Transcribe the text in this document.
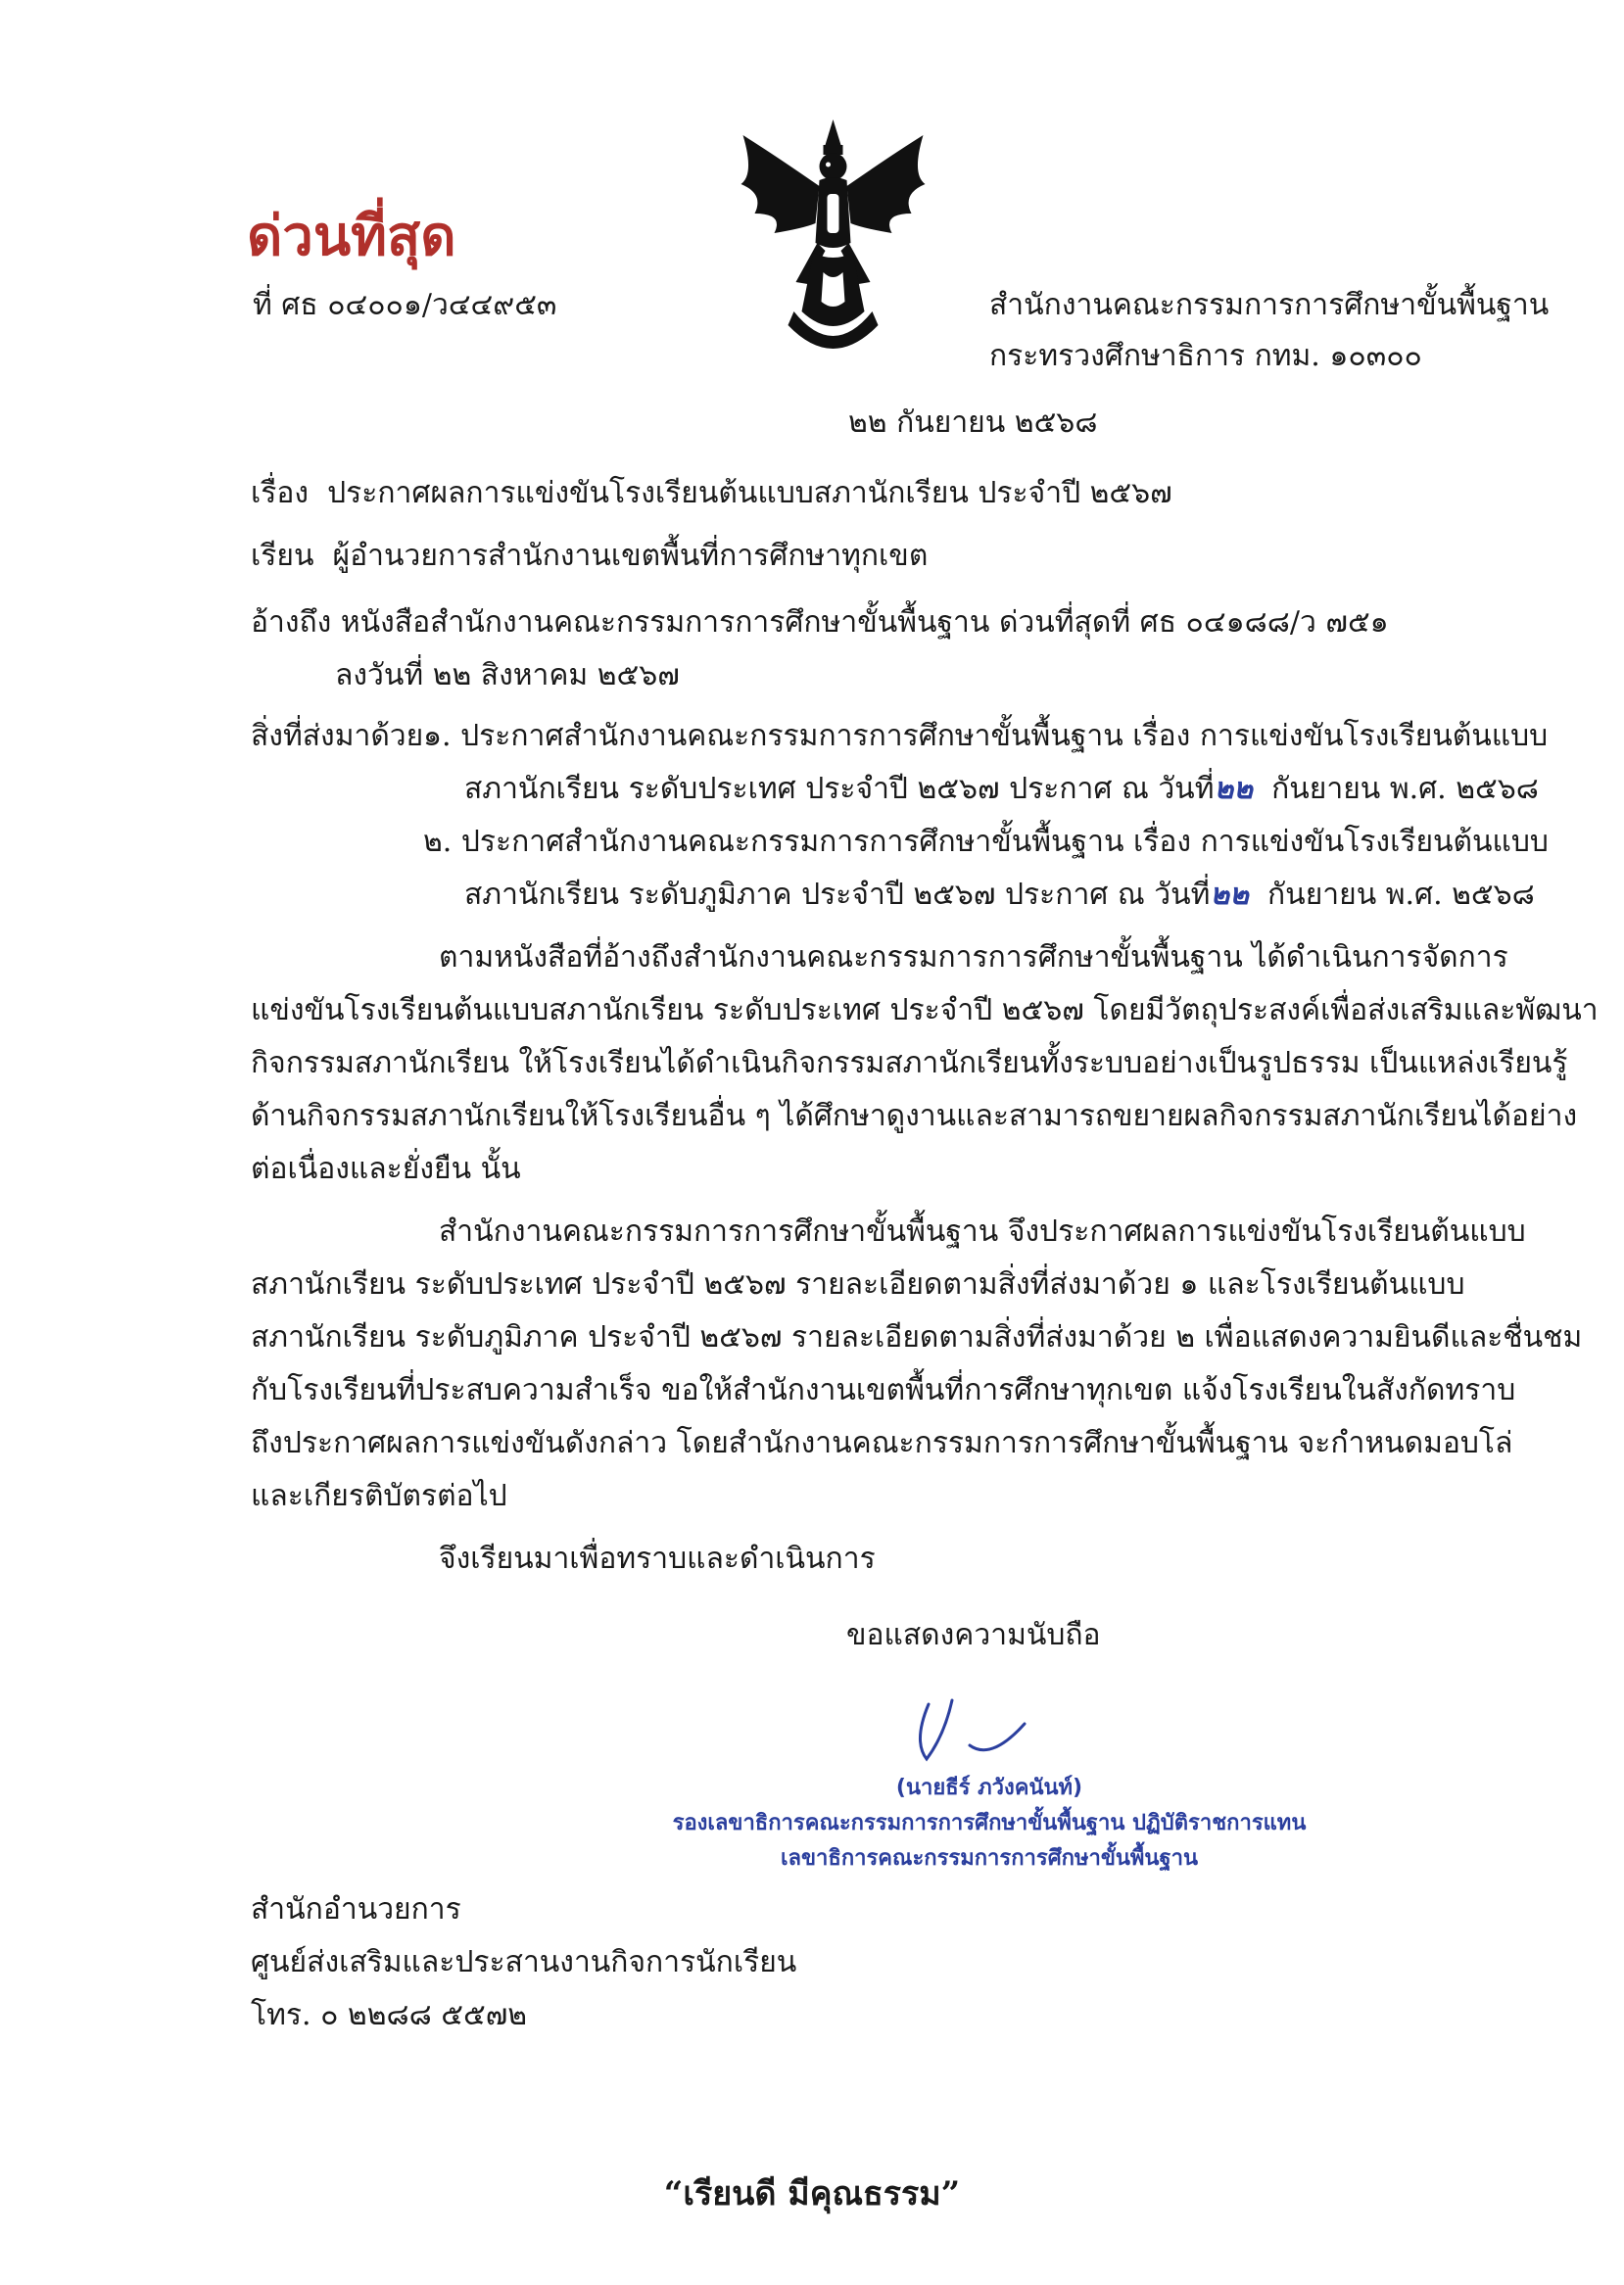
ด่วนที่สุด
ที่ ศธ ๐๔๐๐๑/ว๔๔๙๕๓	สำนักงานคณะกรรมการการศึกษาขั้นพื้นฐาน
กระทรวงศึกษาธิการ กทม. ๑๐๓๐๐
๒๒ กันยายน ๒๕๖๘
เรื่อง ประกาศผลการแข่งขันโรงเรียนต้นแบบสภานักเรียน ประจำปี ๒๕๖๗
เรียน ผู้อำนวยการสำนักงานเขตพื้นที่การศึกษาทุกเขต
อ้างถึง หนังสือสำนักงานคณะกรรมการการศึกษาขั้นพื้นฐาน ด่วนที่สุดที่ ศธ ๐๔๑๘๘/ว ๗๕๑
ลงวันที่ ๒๒ สิงหาคม ๒๕๖๗
สิ่งที่ส่งมาด้วย ๑. ประกาศสำนักงานคณะกรรมการการศึกษาขั้นพื้นฐาน เรื่อง การแข่งขันโรงเรียนต้นแบบ
สภานักเรียน ระดับประเทศ ประจำปี ๒๕๖๗ ประกาศ ณ วันที่๒๒ กันยายน พ.ศ. ๒๕๖๘
๒. ประกาศสำนักงานคณะกรรมการการศึกษาขั้นพื้นฐาน เรื่อง การแข่งขันโรงเรียนต้นแบบ
สภานักเรียน ระดับภูมิภาค ประจำปี ๒๕๖๗ ประกาศ ณ วันที่๒๒ กันยายน พ.ศ. ๒๕๖๘
ตามหนังสือที่อ้างถึงสำนักงานคณะกรรมการการศึกษาขั้นพื้นฐาน ได้ดำเนินการจัดการ
แข่งขันโรงเรียนต้นแบบสภานักเรียน ระดับประเทศ ประจำปี ๒๕๖๗ โดยมีวัตถุประสงค์เพื่อส่งเสริมและพัฒนา
กิจกรรมสภานักเรียน ให้โรงเรียนได้ดำเนินกิจกรรมสภานักเรียนทั้งระบบอย่างเป็นรูปธรรม เป็นแหล่งเรียนรู้
ด้านกิจกรรมสภานักเรียนให้โรงเรียนอื่น ๆ ได้ศึกษาดูงานและสามารถขยายผลกิจกรรมสภานักเรียนได้อย่าง
ต่อเนื่องและยั่งยืน นั้น
สำนักงานคณะกรรมการการศึกษาขั้นพื้นฐาน จึงประกาศผลการแข่งขันโรงเรียนต้นแบบ
สภานักเรียน ระดับประเทศ ประจำปี ๒๕๖๗ รายละเอียดตามสิ่งที่ส่งมาด้วย ๑ และโรงเรียนต้นแบบ
สภานักเรียน ระดับภูมิภาค ประจำปี ๒๕๖๗ รายละเอียดตามสิ่งที่ส่งมาด้วย ๒ เพื่อแสดงความยินดีและชื่นชม
กับโรงเรียนที่ประสบความสำเร็จ ขอให้สำนักงานเขตพื้นที่การศึกษาทุกเขต แจ้งโรงเรียนในสังกัดทราบ
ถึงประกาศผลการแข่งขันดังกล่าว โดยสำนักงานคณะกรรมการการศึกษาขั้นพื้นฐาน จะกำหนดมอบโล่
และเกียรติบัตรต่อไป
จึงเรียนมาเพื่อทราบและดำเนินการ
ขอแสดงความนับถือ
(นายธีร์ ภวังคนันท์)
รองเลขาธิการคณะกรรมการการศึกษาขั้นพื้นฐาน ปฏิบัติราชการแทน
เลขาธิการคณะกรรมการการศึกษาขั้นพื้นฐาน
สำนักอำนวยการ
ศูนย์ส่งเสริมและประสานงานกิจการนักเรียน
โทร. ๐ ๒๒๘๘ ๕๕๗๒
“เรียนดี มีคุณธรรม”
